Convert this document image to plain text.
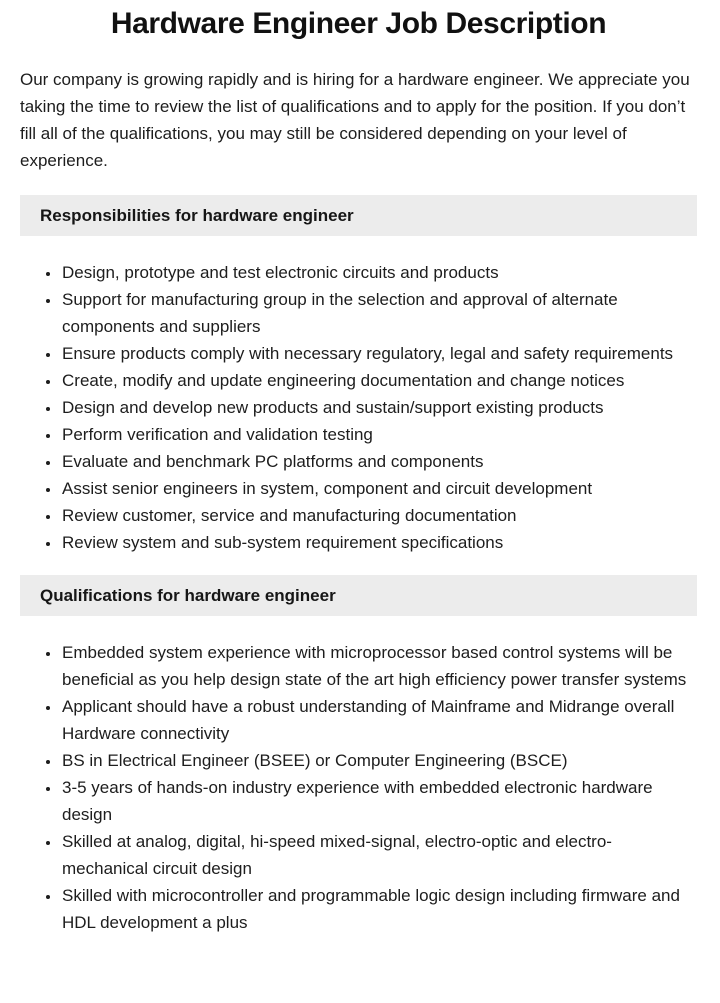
Hardware Engineer Job Description

Our company is growing rapidly and is hiring for a hardware engineer. We appreciate you taking the time to review the list of qualifications and to apply for the position. If you don’t fill all of the qualifications, you may still be considered depending on your level of experience.

Responsibilities for hardware engineer
• Design, prototype and test electronic circuits and products
• Support for manufacturing group in the selection and approval of alternate components and suppliers
• Ensure products comply with necessary regulatory, legal and safety requirements
• Create, modify and update engineering documentation and change notices
• Design and develop new products and sustain/support existing products
• Perform verification and validation testing
• Evaluate and benchmark PC platforms and components
• Assist senior engineers in system, component and circuit development
• Review customer, service and manufacturing documentation
• Review system and sub-system requirement specifications
Qualifications for hardware engineer
• Embedded system experience with microprocessor based control systems will be beneficial as you help design state of the art high efficiency power transfer systems
• Applicant should have a robust understanding of Mainframe and Midrange overall Hardware connectivity
• BS in Electrical Engineer (BSEE) or Computer Engineering (BSCE)
• 3-5 years of hands-on industry experience with embedded electronic hardware design
• Skilled at analog, digital, hi-speed mixed-signal, electro-optic and electro-mechanical circuit design
• Skilled with microcontroller and programmable logic design including firmware and HDL development a plus
